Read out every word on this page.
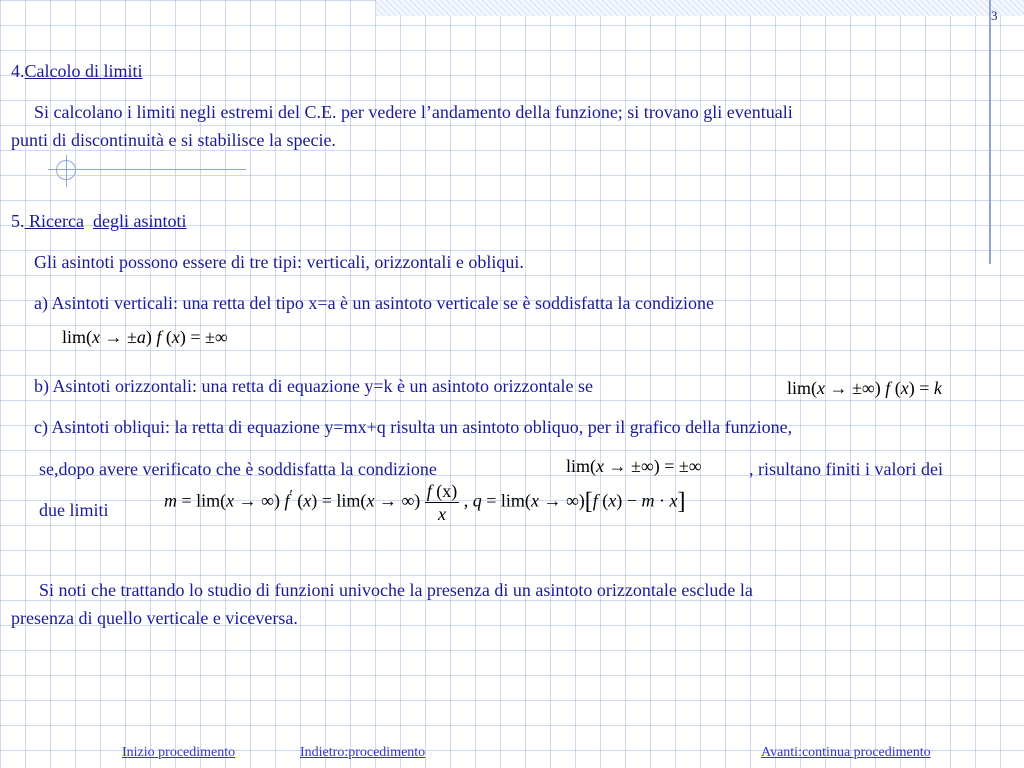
3
4.Calcolo di limiti
Si calcolano i limiti negli estremi del C.E. per vedere l’andamento della funzione; si trovano gli eventuali
punti di discontinuità e si stabilisce la specie.
5. Ricerca degli asintoti
Gli asintoti possono essere di tre tipi: verticali, orizzontali e obliqui.
a) Asintoti verticali: una retta del tipo x=a è un asintoto verticale se è soddisfatta la condizione
lim(x → ±a) f (x) = ±∞
b) Asintoti orizzontali: una retta di equazione y=k è un asintoto orizzontale se	lim(x → ±∞) f (x) = k
c) Asintoti obliqui: la retta di equazione y=mx+q risulta un asintoto obliquo, per il grafico della funzione,
se,dopo avere verificato che è soddisfatta la condizione	lim(x → ±∞) = ±∞	, risultano finiti i valori dei
due limiti	m = lim(x → ∞) f′ (x) = lim(x → ∞) $\frac{f (x)}{x}$ , q = lim(x → ∞)[f (x) − m · x]
Si noti che trattando lo studio di funzioni univoche la presenza di un asintoto orizzontale esclude la
presenza di quello verticale e viceversa.
Inizio procedimento	Indietro:procedimento	Avanti:continua procedimento
